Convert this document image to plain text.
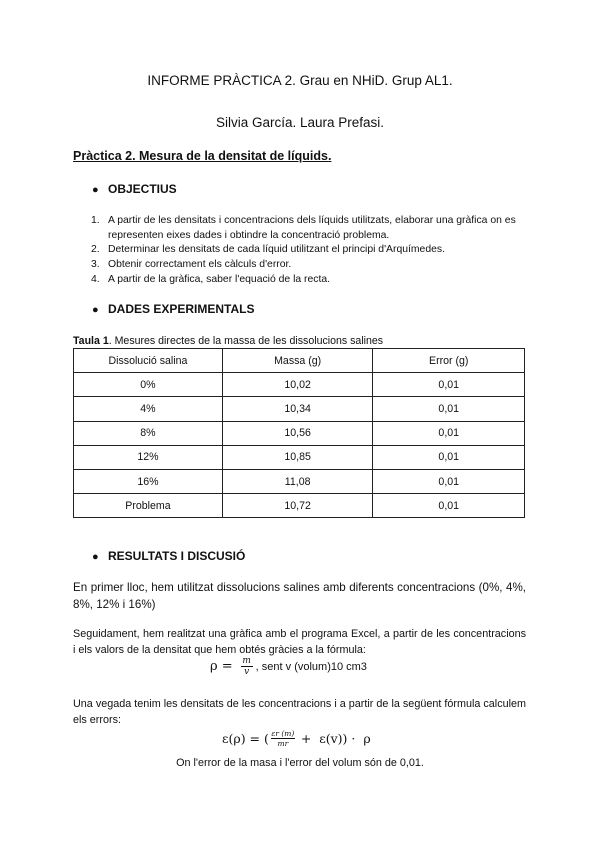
INFORME PRÀCTICA 2. Grau en NHiD. Grup AL1.
Silvia García. Laura Prefasi.
Pràctica 2. Mesura de la densitat de líquids.
● OBJECTIUS
1. A partir de les densitats i concentracions dels líquids utilitzats, elaborar una gràfica on es representen eixes dades i obtindre la concentració problema.
2. Determinar les densitats de cada líquid utilitzant el principi d'Arquímedes.
3. Obtenir correctament els càlculs d'error.
4. A partir de la gràfica, saber l'equació de la recta.
● DADES EXPERIMENTALS
Taula 1. Mesures directes de la massa de les dissolucions salines
Dissolució salina	Massa (g)	Error (g)
0%	10,02	0,01
4%	10,34	0,01
8%	10,56	0,01
12%	10,85	0,01
16%	11,08	0,01
Problema	10,72	0,01
● RESULTATS I DISCUSIÓ
En primer lloc, hem utilitzat dissolucions salines amb diferents concentracions (0%, 4%, 8%, 12% i 16%)
Seguidament, hem realitzat una gràfica amb el programa Excel, a partir de les concentracions i els valors de la densitat que hem obtés gràcies a la fórmula:
ρ = m
v , sent v (volum)10 cm3
Una vegada tenim les densitats de les concentracions i a partir de la següent fórmula calculem els errors:
ε(ρ) = ( εr (m)
mr +  ε(v)) ·  ρ
On l'error de la masa i l'error del volum són de 0,01.
